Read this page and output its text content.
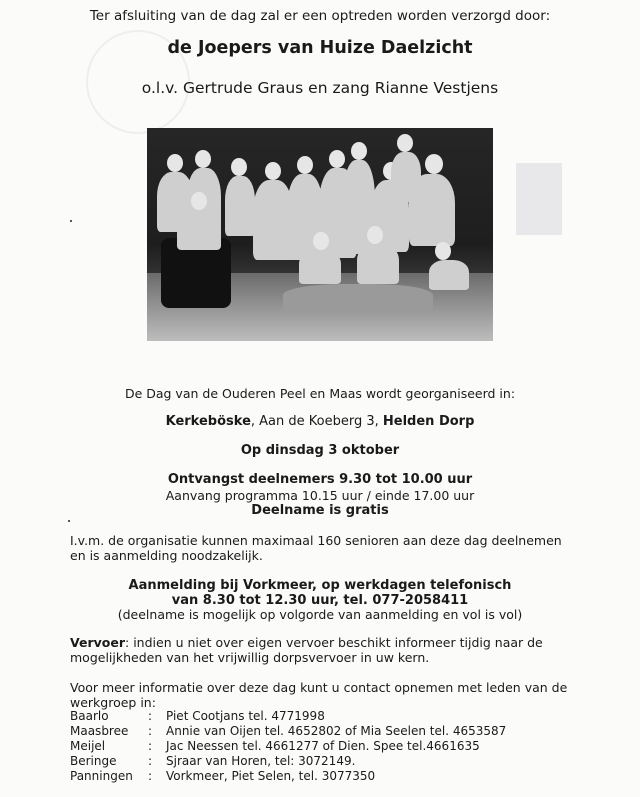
Ter afsluiting van de dag zal er een optreden worden verzorgd door:
de Joepers van Huize Daelzicht
o.l.v. Gertrude Graus en zang Rianne Vestjens
De Dag van de Ouderen Peel en Maas wordt georganiseerd in:
Kerkeböske, Aan de Koeberg 3, Helden Dorp
Op dinsdag 3 oktober
Ontvangst deelnemers 9.30 tot 10.00 uur
Aanvang programma 10.15 uur / einde 17.00 uur
Deelname is gratis
I.v.m. de organisatie kunnen maximaal 160 senioren aan deze dag deelnemen
en is aanmelding noodzakelijk.
Aanmelding bij Vorkmeer, op werkdagen telefonisch
van 8.30 tot 12.30 uur, tel. 077-2058411
(deelname is mogelijk op volgorde van aanmelding en vol is vol)
Vervoer: indien u niet over eigen vervoer beschikt informeer tijdig naar de
mogelijkheden van het vrijwillig dorpsvervoer in uw kern.
Voor meer informatie over deze dag kunt u contact opnemen met leden van de
werkgroep in:
Baarlo	:	Piet Cootjans tel. 4771998
Maasbree	:	Annie van Oijen tel. 4652802 of Mia Seelen tel. 4653587
Meijel	:	Jac Neessen tel. 4661277 of Dien. Spee tel.4661635
Beringe	:	Sjraar van Horen, tel: 3072149.
Panningen	:	Vorkmeer, Piet Selen, tel. 3077350
